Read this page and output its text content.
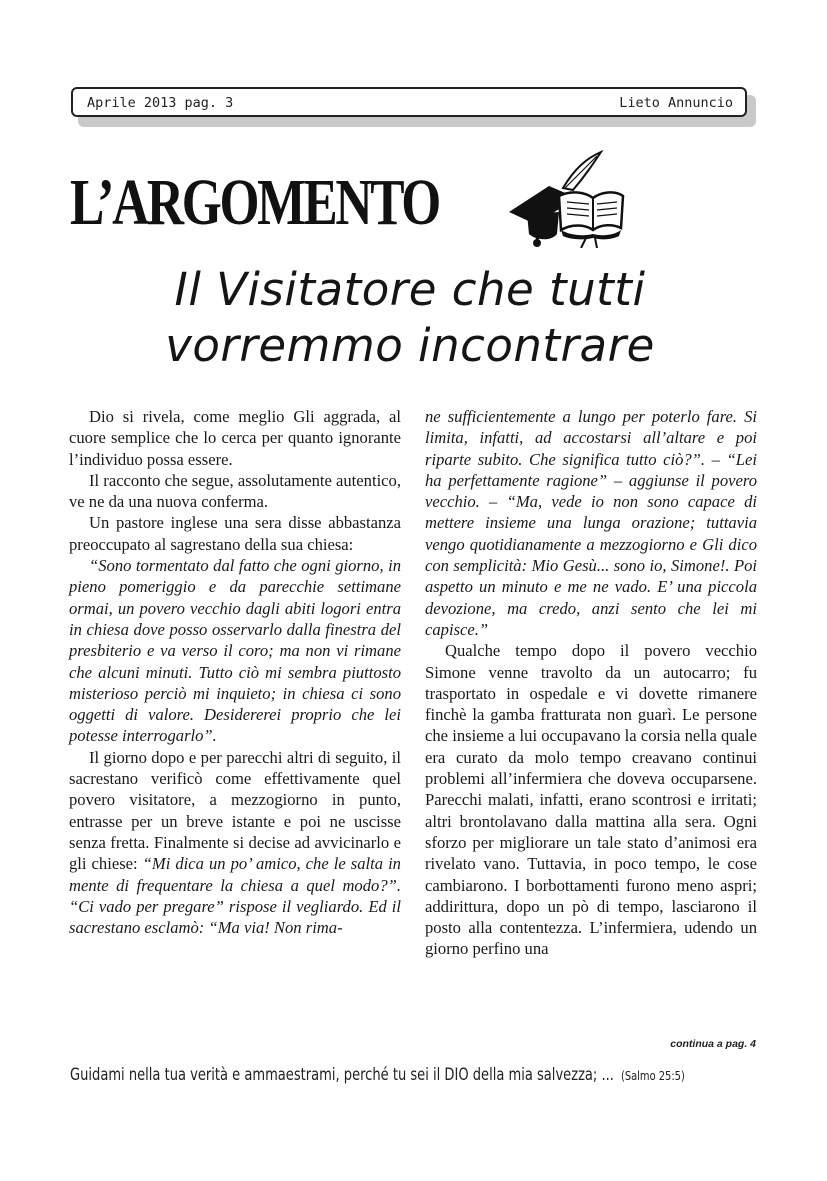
Aprile 2013 pag. 3	Lieto Annuncio
L’ARGOMENTO
Il Visitatore che tutti
vorremmo incontrare

Dio si rivela, come meglio Gli aggrada, al cuore semplice che lo cerca per quanto ignorante l’individuo possa essere.

Il racconto che segue, assolutamente autentico, ve ne da una nuova conferma.

Un pastore inglese una sera disse abbastanza preoccupato al sagrestano della sua chiesa:

“Sono tormentato dal fatto che ogni giorno, in pieno pomeriggio e da parecchie settimane ormai, un povero vecchio dagli abiti logori entra in chiesa dove posso osservarlo dalla finestra del presbiterio e va verso il coro; ma non vi rimane che alcuni minuti. Tutto ciò mi sembra piuttosto misterioso perciò mi inquieto; in chiesa ci sono oggetti di valore. Desidererei proprio che lei potesse interrogarlo”.

Il giorno dopo e per parecchi altri di seguito, il sacrestano verificò come effettivamente quel povero visitatore, a mezzogiorno in punto, entrasse per un breve istante e poi ne uscisse senza fretta. Finalmente si decise ad avvicinarlo e gli chiese: “Mi dica un po’ amico, che le salta in mente di frequentare la chiesa a quel modo?”. “Ci vado per pregare” rispose il vegliardo. Ed il sacrestano esclamò: “Ma via! Non rima-

ne sufficientemente a lungo per poterlo fare. Si limita, infatti, ad accostarsi all’altare e poi riparte subito. Che significa tutto ciò?”. – “Lei ha perfettamente ragione” – aggiunse il povero vecchio. – “Ma, vede io non sono capace di mettere insieme una lunga orazione; tuttavia vengo quotidianamente a mezzogiorno e Gli dico con semplicità: Mio Gesù... sono io, Simone!. Poi aspetto un minuto e me ne vado. E’ una piccola devozione, ma credo, anzi sento che lei mi capisce.”

Qualche tempo dopo il povero vecchio Simone venne travolto da un autocarro; fu trasportato in ospedale e vi dovette rimanere finchè la gamba fratturata non guarì. Le persone che insieme a lui occupavano la corsia nella quale era curato da molo tempo creavano continui problemi all’infermiera che doveva occuparsene. Parecchi malati, infatti, erano scontrosi e irritati; altri brontolavano dalla mattina alla sera. Ogni sforzo per migliorare un tale stato d’animosi era rivelato vano. Tuttavia, in poco tempo, le cose cambiarono. I borbottamenti furono meno aspri; addirittura, dopo un pò di tempo, lasciarono il posto alla contentezza. L’infermiera, udendo un giorno perfino una

continua a pag. 4
Guidami nella tua verità e ammaestrami, perché tu sei il DIO della mia salvezza; ... (Salmo 25:5)
